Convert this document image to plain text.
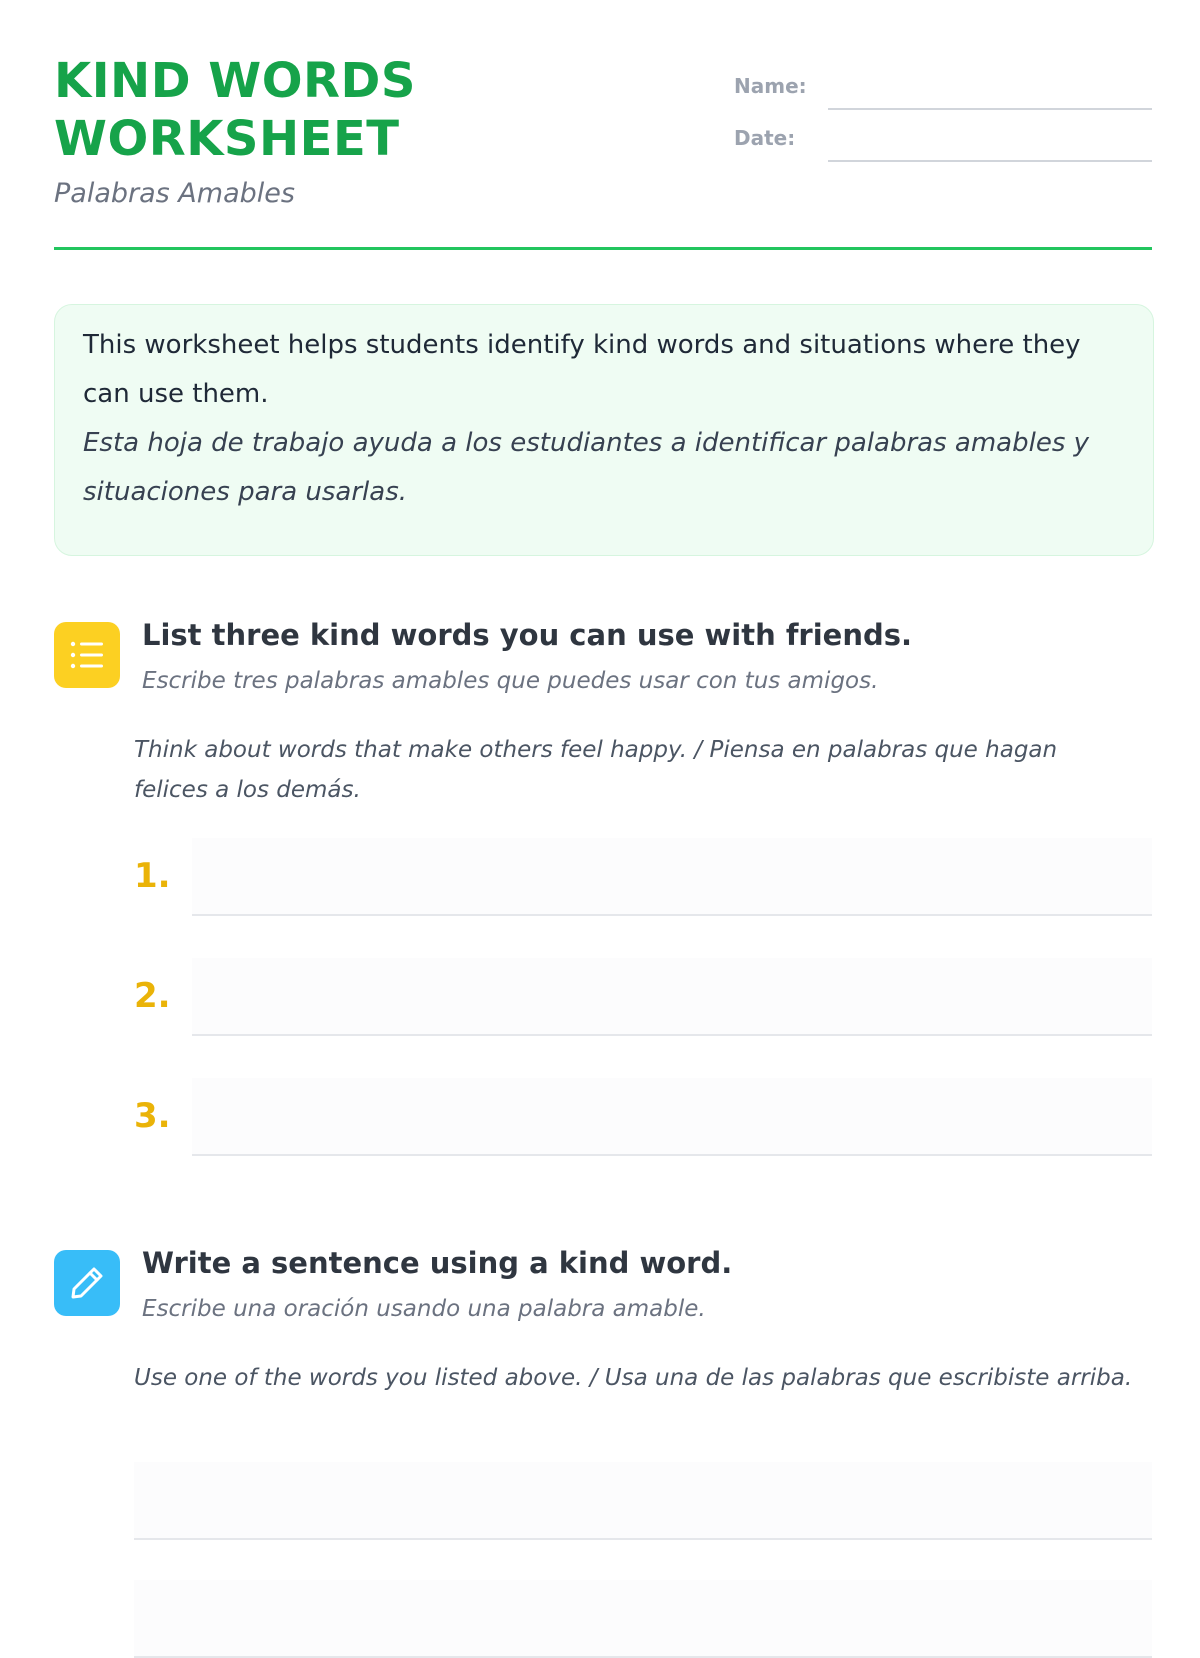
KIND WORDS WORKSHEET
Palabras Amables
Name:
Date:

This worksheet helps students identify kind words and situations where they can use them.

Esta hoja de trabajo ayuda a los estudiantes a identificar palabras amables y situaciones para usarlas.

List three kind words you can use with friends.
Escribe tres palabras amables que puedes usar con tus amigos.
Think about words that make others feel happy. / Piensa en palabras que hagan felices a los demás.
1.
2.
3.
Write a sentence using a kind word.
Escribe una oración usando una palabra amable.
Use one of the words you listed above. / Usa una de las palabras que escribiste arriba.
